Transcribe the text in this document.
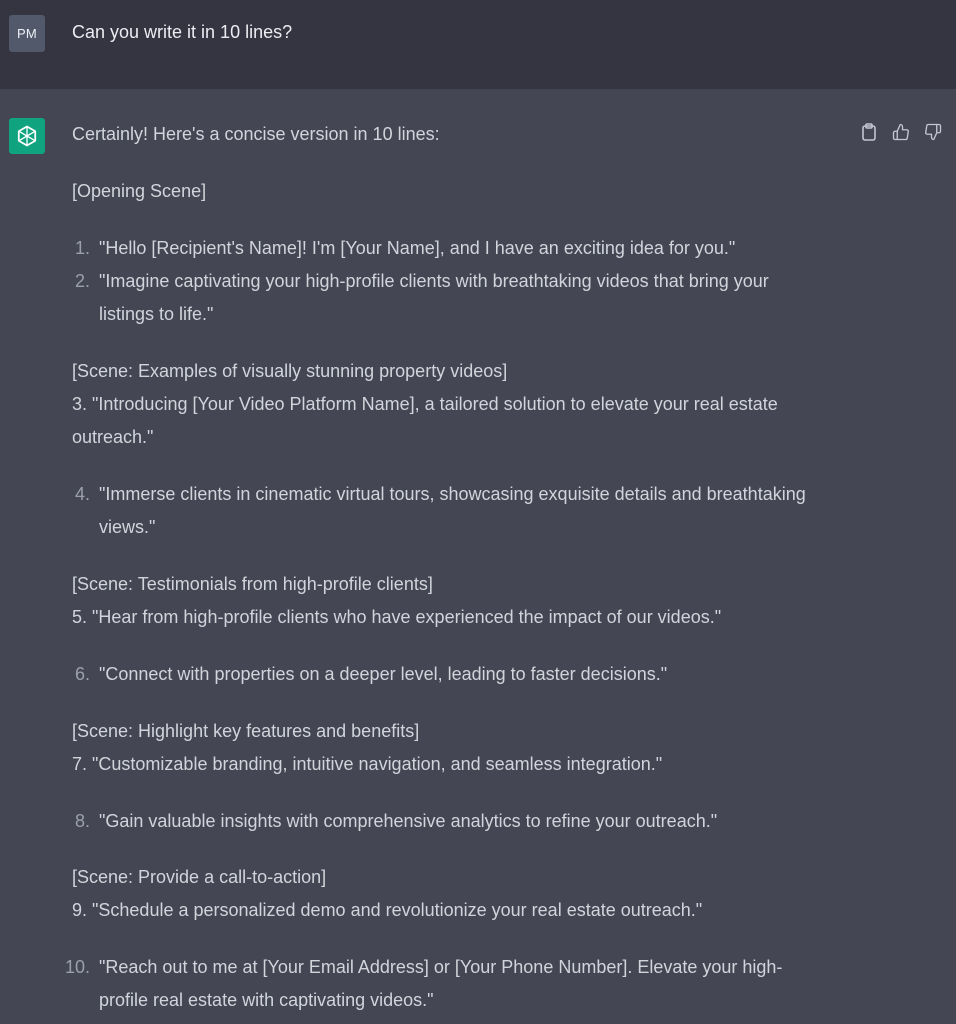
PM	Can you write it in 10 lines?
Certainly! Here's a concise version in 10 lines:
[Opening Scene]
1. "Hello [Recipient's Name]! I'm [Your Name], and I have an exciting idea for you."
2. "Imagine captivating your high-profile clients with breathtaking videos that bring your
listings to life."
[Scene: Examples of visually stunning property videos]
3. "Introducing [Your Video Platform Name], a tailored solution to elevate your real estate
outreach."
4. "Immerse clients in cinematic virtual tours, showcasing exquisite details and breathtaking
views."
[Scene: Testimonials from high-profile clients]
5. "Hear from high-profile clients who have experienced the impact of our videos."
6. "Connect with properties on a deeper level, leading to faster decisions."
[Scene: Highlight key features and benefits]
7. "Customizable branding, intuitive navigation, and seamless integration."
8. "Gain valuable insights with comprehensive analytics to refine your outreach."
[Scene: Provide a call-to-action]
9. "Schedule a personalized demo and revolutionize your real estate outreach."
10. "Reach out to me at [Your Email Address] or [Your Phone Number]. Elevate your high-
profile real estate with captivating videos."
